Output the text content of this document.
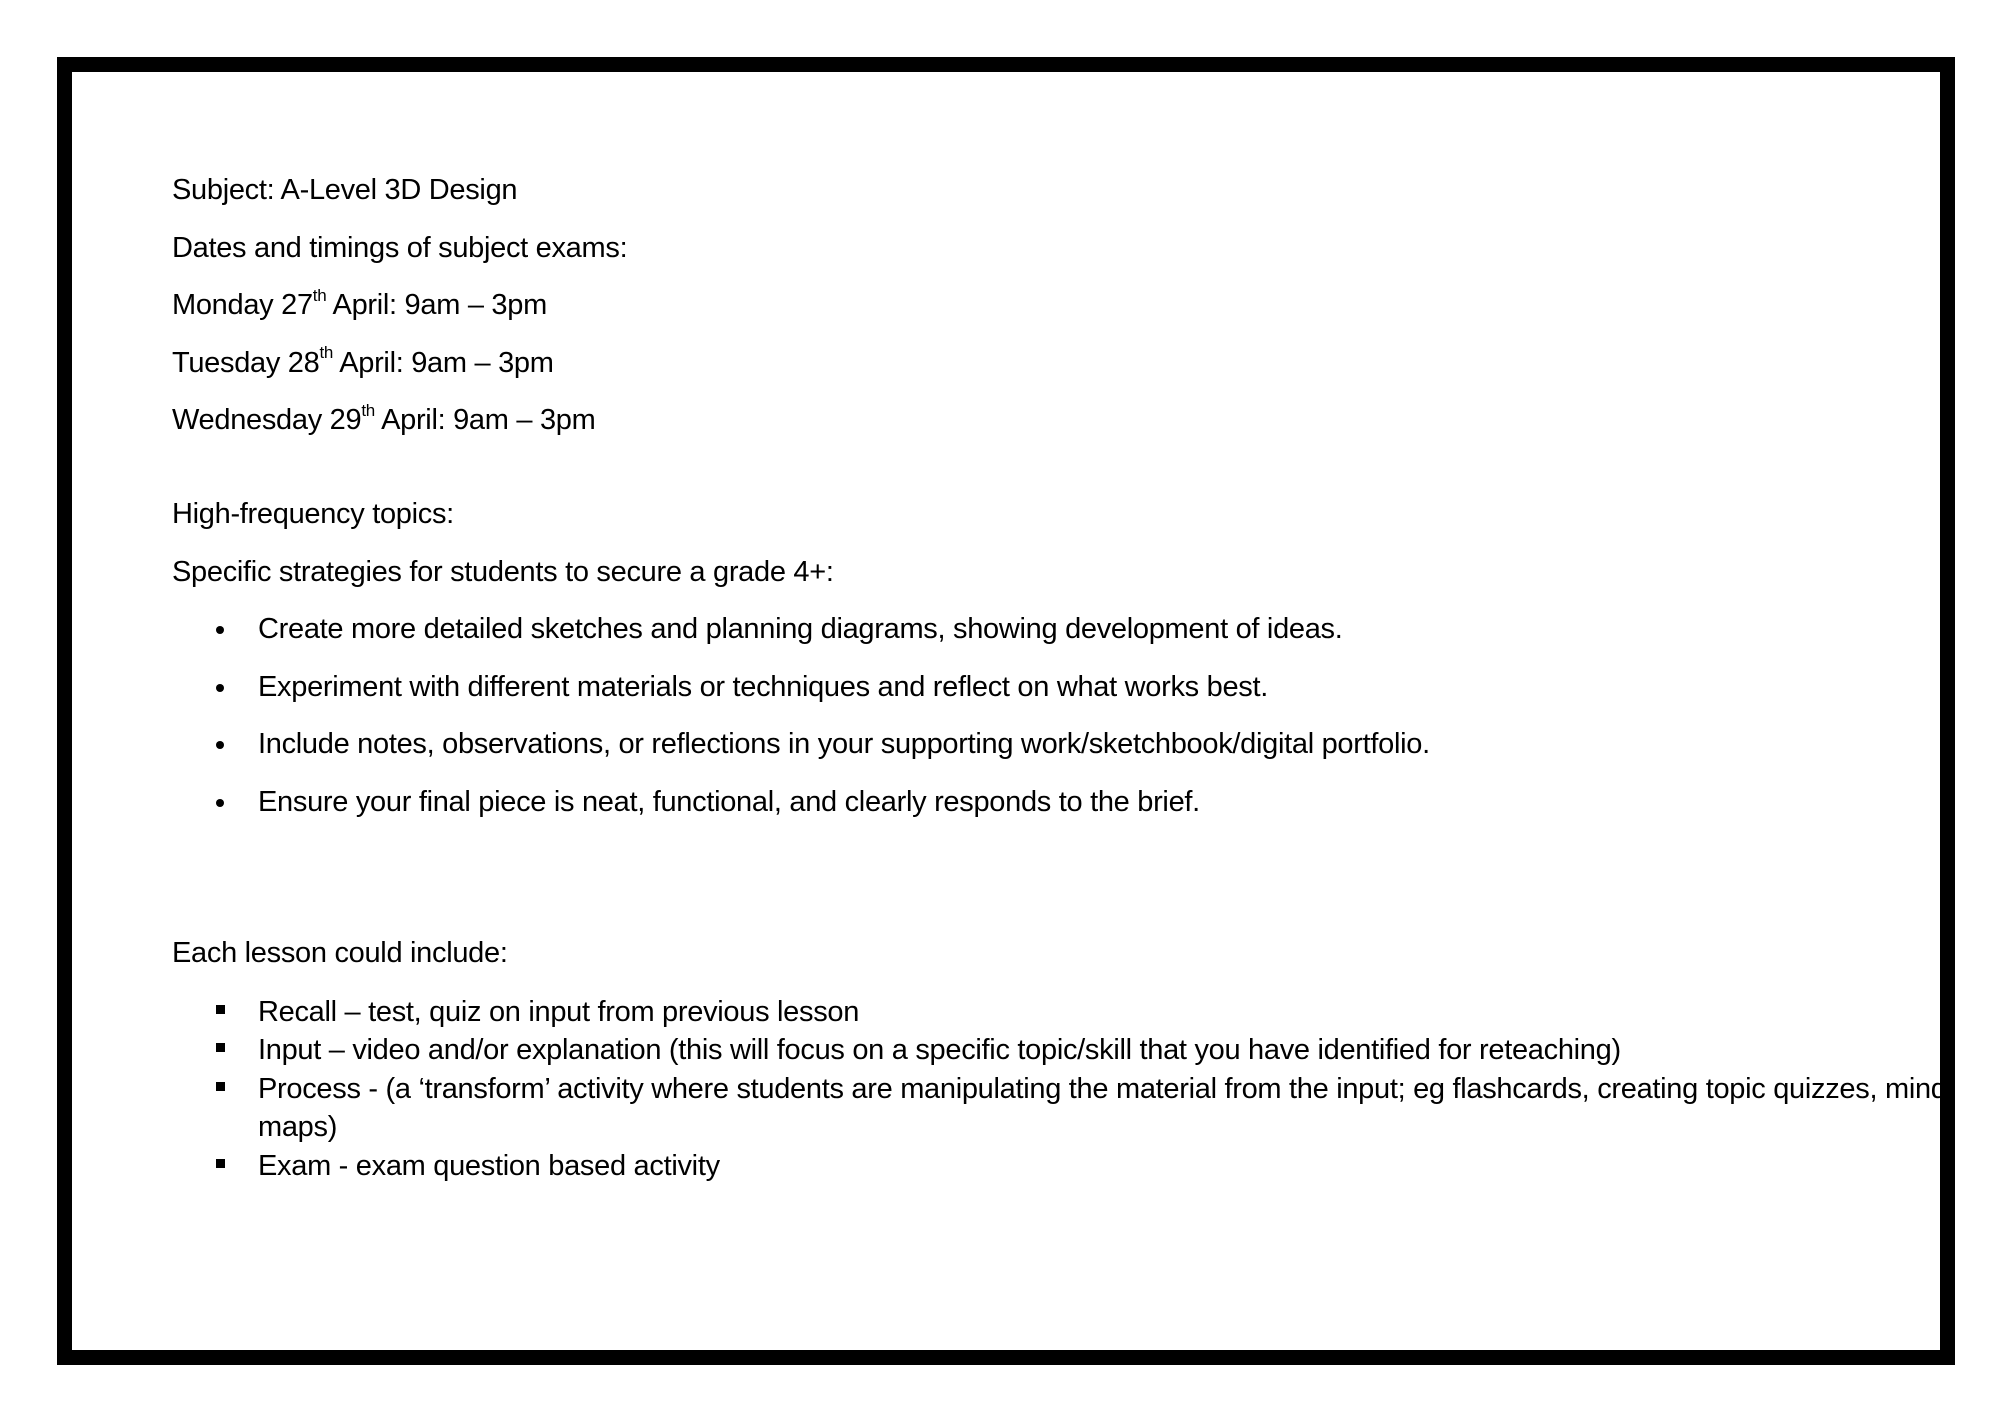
Subject: A-Level 3D Design
Dates and timings of subject exams:
Monday 27th April: 9am – 3pm
Tuesday 28th April: 9am – 3pm
Wednesday 29th April: 9am – 3pm
High-frequency topics:
Specific strategies for students to secure a grade 4+:
Create more detailed sketches and planning diagrams, showing development of ideas.
Experiment with different materials or techniques and reflect on what works best.
Include notes, observations, or reflections in your supporting work/sketchbook/digital portfolio.
Ensure your final piece is neat, functional, and clearly responds to the brief.
Each lesson could include:
Recall – test, quiz on input from previous lesson
Input – video and/or explanation (this will focus on a specific topic/skill that you have identified for reteaching)
Process - (a ‘transform’ activity where students are manipulating the material from the input; eg flashcards, creating topic quizzes, mind maps)
Exam - exam question based activity
